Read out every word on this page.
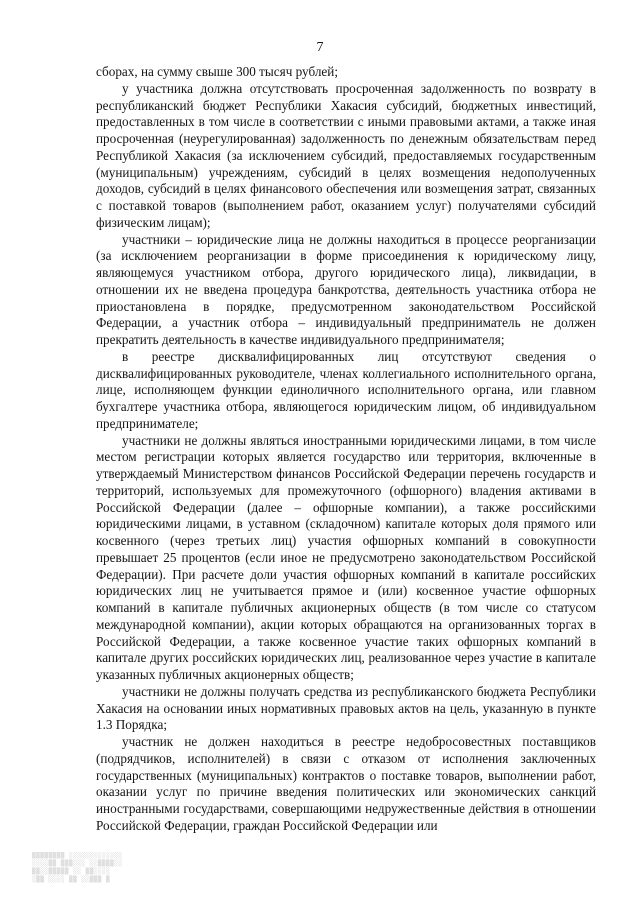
7

сборах, на сумму свыше 300 тысяч рублей;

у участника должна отсутствовать просроченная задолженность по возврату в республиканский бюджет Республики Хакасия субсидий, бюджетных инвестиций, предоставленных в том числе в соответствии с иными правовыми актами, а также иная просроченная (неурегулированная) задолженность по денежным обязательствам перед Республикой Хакасия (за исключением субсидий, предоставляемых государственным (муниципальным) учреждениям, субсидий в целях возмещения недополученных доходов, субсидий в целях финансового обеспечения или возмещения затрат, связанных с поставкой товаров (выполнением работ, оказанием услуг) получателями субсидий физическим лицам);

участники – юридические лица не должны находиться в процессе реорганизации (за исключением реорганизации в форме присоединения к юридическому лицу, являющемуся участником отбора, другого юридического лица), ликвидации, в отношении их не введена процедура банкротства, деятельность участника отбора не приостановлена в порядке, предусмотренном законодательством Российской Федерации, а участник отбора – индивидуальный предприниматель не должен прекратить деятельность в качестве индивидуального предпринимателя;

в реестре дисквалифицированных лиц отсутствуют сведения о дисквалифицированных руководителе, членах коллегиального исполнительного органа, лице, исполняющем функции единоличного исполнительного органа, или главном бухгалтере участника отбора, являющегося юридическим лицом, об индивидуальном предпринимателе;

участники не должны являться иностранными юридическими лицами, в том числе местом регистрации которых является государство или территория, включенные в утверждаемый Министерством финансов Российской Федерации перечень государств и территорий, используемых для промежуточного (офшорного) владения активами в Российской Федерации (далее – офшорные компании), а также российскими юридическими лицами, в уставном (складочном) капитале которых доля прямого или косвенного (через третьих лиц) участия офшорных компаний в совокупности превышает 25 процентов (если иное не предусмотрено законодательством Российской Федерации). При расчете доли участия офшорных компаний в капитале российских юридических лиц не учитывается прямое и (или) косвенное участие офшорных компаний в капитале публичных акционерных обществ (в том числе со статусом международной компании), акции которых обращаются на организованных торгах в Российской Федерации, а также косвенное участие таких офшорных компаний в капитале других российских юридических лиц, реализованное через участие в капитале указанных публичных акционерных обществ;

участники не должны получать средства из республиканского бюджета Республики Хакасия на основании иных нормативных правовых актов на цель, указанную в пункте 1.3 Порядка;

участник не должен находиться в реестре недобросовестных поставщиков (подрядчиков, исполнителей) в связи с отказом от исполнения заключенных государственных (муниципальных) контрактов о поставке товаров, выполнении работ, оказании услуг по причине введения политических или экономических санкций иностранными государствами, совершающими недружественные действия в отношении Российской Федерации, граждан Российской Федерации или

▒▒▒▒▒▒▒▒ ░░░░░░░░░░░░░
░░░░▒▒ ▒▒▒░░░ ░░▒▒▒▒░░
▒▒░░▒▒▒▒▒ ░░ ▒▒░░░░
░▒▒ ░░░░ ▒▒ ░░▒▒▒ ▒
